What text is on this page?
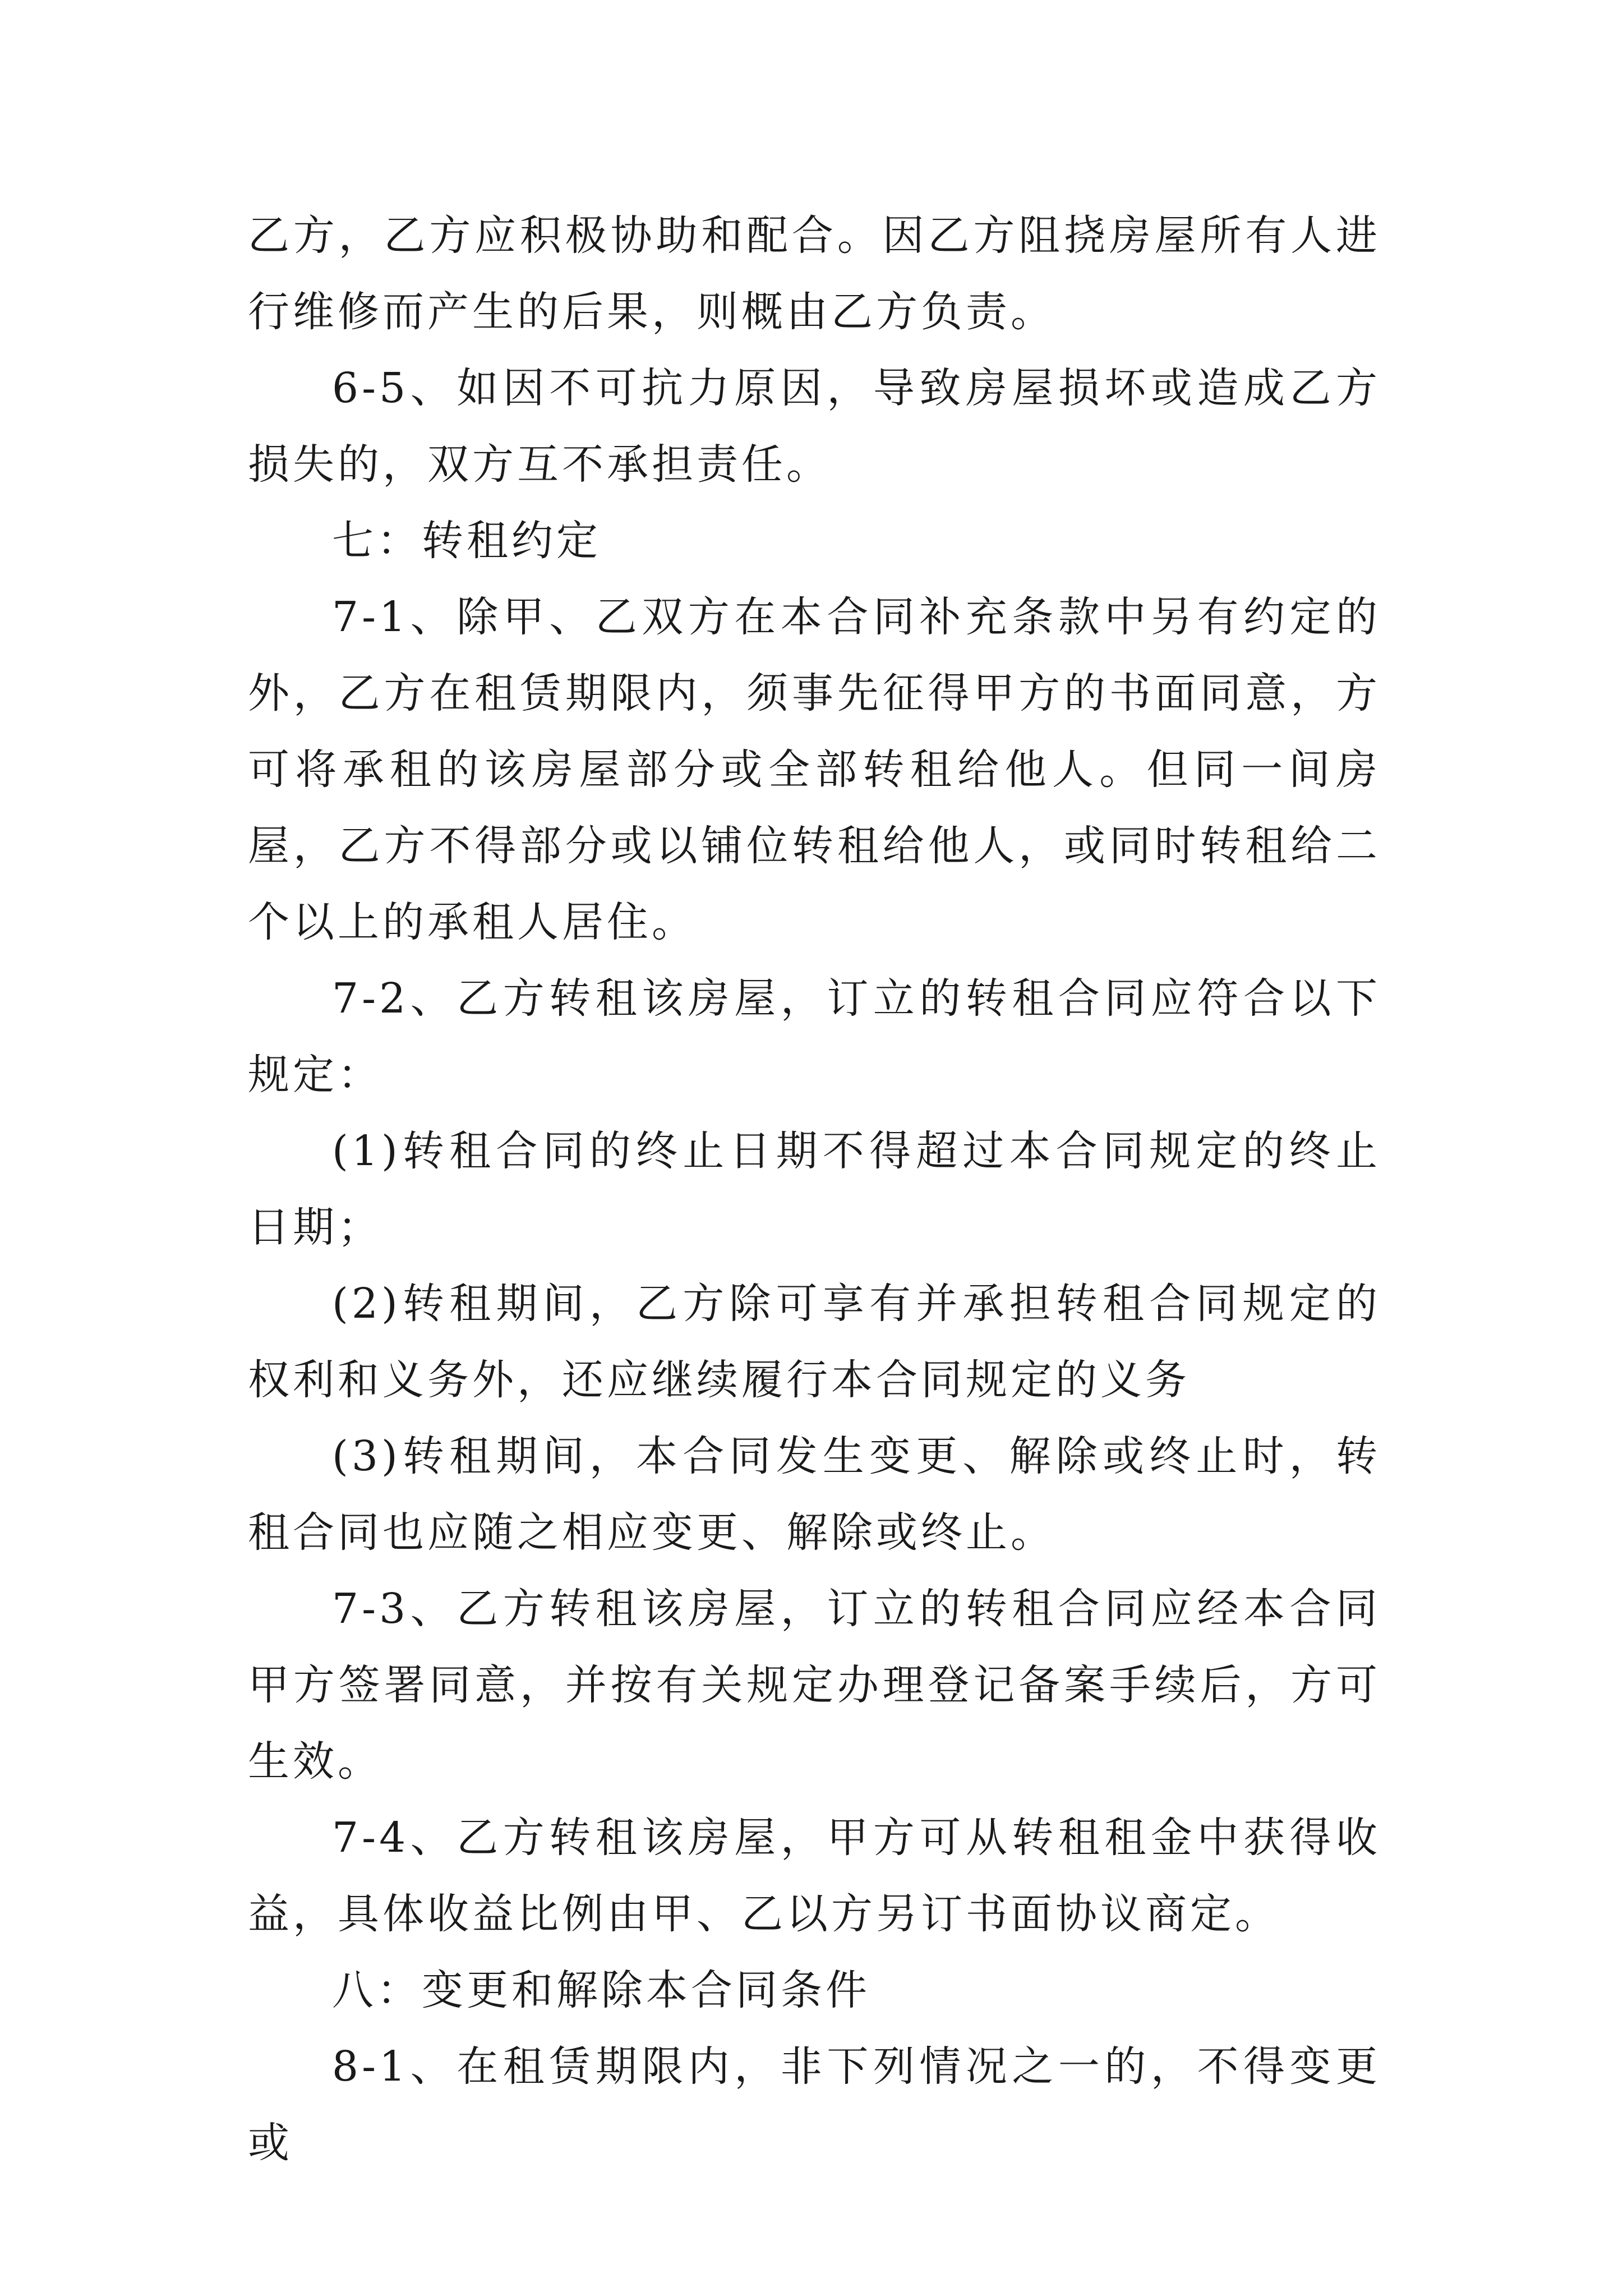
乙方，乙方应积极协助和配合。因乙方阻挠房屋所有人进行维修而产生的后果，则概由乙方负责。

6-5、如因不可抗力原因，导致房屋损坏或造成乙方损失的，双方互不承担责任。

七：转租约定

7-1、除甲、乙双方在本合同补充条款中另有约定的外，乙方在租赁期限内，须事先征得甲方的书面同意，方可将承租的该房屋部分或全部转租给他人。但同一间房屋，乙方不得部分或以铺位转租给他人，或同时转租给二个以上的承租人居住。

7-2、乙方转租该房屋，订立的转租合同应符合以下规定：

(1)转租合同的终止日期不得超过本合同规定的终止日期；

(2)转租期间，乙方除可享有并承担转租合同规定的权利和义务外，还应继续履行本合同规定的义务

(3)转租期间，本合同发生变更、解除或终止时，转租合同也应随之相应变更、解除或终止。

7-3、乙方转租该房屋，订立的转租合同应经本合同甲方签署同意，并按有关规定办理登记备案手续后，方可生效。

7-4、乙方转租该房屋，甲方可从转租租金中获得收益，具体收益比例由甲、乙以方另订书面协议商定。

八：变更和解除本合同条件

8-1、在租赁期限内，非下列情况之一的，不得变更或
